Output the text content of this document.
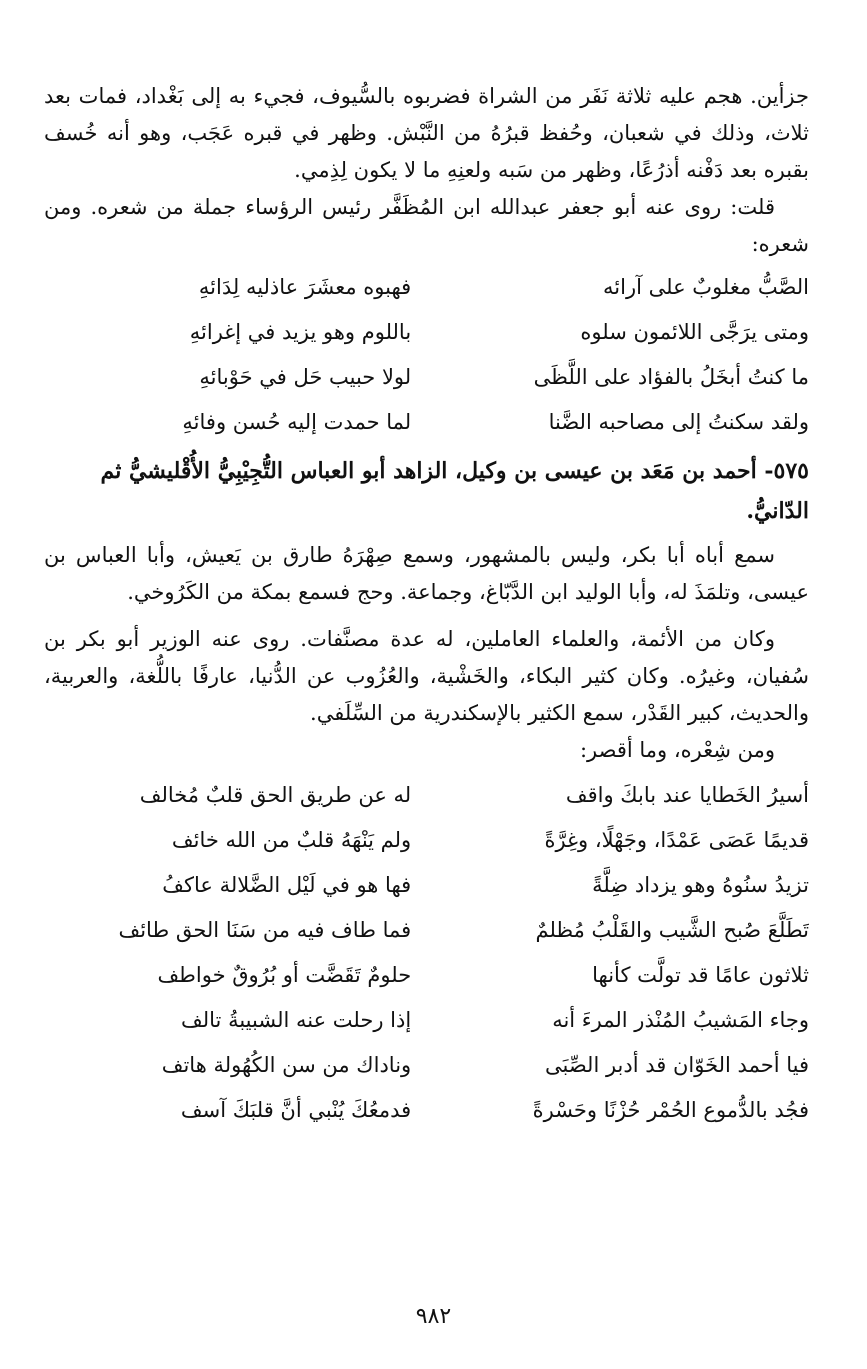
جزأين. هجم عليه ثلاثة نَفَر من الشراة فضربوه بالسُّيوف، فجيء به إلى بَغْداد، فمات بعد ثلاث، وذلك في شعبان، وحُفظ قبرُهُ من النَّبْش. وظهر في قبره عَجَب، وهو أنه خُسف بقبره بعد دَفْنه أذرُعًا، وظهر من سَبه ولعنِهِ ما لا يكون لِذِمي.

قلت: روى عنه أبو جعفر عبدالله ابن المُظَفَّر رئيس الرؤساء جملة من شعره. ومن شعره:

الصَّبُّ مغلوبٌ على آرائه
فهبوه معشَرَ عاذليه لِدَائهِ
ومتى يرَجَّى اللائمون سلوه
باللوم وهو يزيد في إغرائهِ
ما كنتُ أبخَلُ بالفؤاد على اللَّظَى
لولا حبيب حَل في حَوْبائهِ
ولقد سكنتُ إلى مصاحبه الضَّنا
لما حمدت إليه حُسن وفائهِ

٥٧٥- أحمد بن مَعَد بن عيسى بن وكيل، الزاهد أبو العباس التُّجِيْبِيُّ الأُقْليشيُّ ثم الدّانيُّ.

سمع أباه أبا بكر، وليس بالمشهور، وسمع صِهْرَهُ طارق بن يَعيش، وأبا العباس بن عيسى، وتلمَذَ له، وأبا الوليد ابن الدَّبّاغ، وجماعة. وحج فسمع بمكة من الكَرُوخي.

وكان من الأئمة، والعلماء العاملين، له عدة مصنَّفات. روى عنه الوزير أبو بكر بن سُفيان، وغيرُه. وكان كثير البكاء، والخَشْية، والعُزُوب عن الدُّنيا، عارفًا باللُّغة، والعربية، والحديث، كبير القَدْر، سمع الكثير بالإسكندرية من السِّلَفي.

ومن شِعْره، وما أقصر:

أسيرُ الخَطايا عند بابكَ واقف
له عن طريق الحق قلبٌ مُخالف
قديمًا عَصَى عَمْدًا، وجَهْلًا، وغِرَّةً
ولم يَنْهَهُ قلبٌ من الله خائف
تزيدُ سنُوهُ وهو يزداد ضِلَّةً
فها هو في لَيْل الضَّلالة عاكفُ
تَطَلَّعَ صُبح الشَّيب والقَلْبُ مُظلمٌ
فما طاف فيه من سَنَا الحق طائف
ثلاثون عامًا قد تولَّت كأنها
حلومٌ تَقَضَّت أو بُرُوقٌ خواطف
وجاء المَشيبُ المُنْذر المرءَ أنه
إذا رحلت عنه الشبيبةُ تالف
فيا أحمد الخَوّان قد أدبر الصِّبَى
وناداك من سن الكُهُولة هاتف
فجُد بالدُّموع الحُمْر حُزْنًا وحَسْرةً
فدمعُكَ يُنْبي أنَّ قلبَكَ آسف
٩٨٢
